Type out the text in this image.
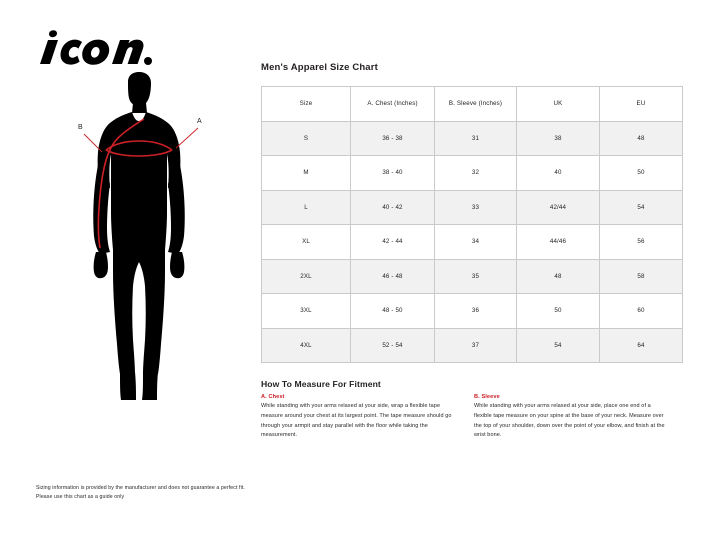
A
B
Sizing information is provided by the manufacturer and does not guarantee a perfect fit. Please use this chart as a guide only
Men's Apparel Size Chart
Size	A. Chest (Inches)	B. Sleeve (Inches)	UK	EU
S	36 - 38	31	38	48
M	38 - 40	32	40	50
L	40 - 42	33	42/44	54
XL	42 - 44	34	44/46	56
2XL	46 - 48	35	48	58
3XL	48 - 50	36	50	60
4XL	52 - 54	37	54	64
How To Measure For Fitment
A. Chest
While standing with your arms relaxed at your side, wrap a flexible tape measure around your chest at its largest point. The tape measure should go through your armpit and stay parallel with the floor while taking the measurement.
B. Sleeve
While standing with your arms relaxed at your side, place one end of a flexible tape measure on your spine at the base of your neck. Measure over the top of your shoulder, down over the point of your elbow, and finish at the wrist bone.
